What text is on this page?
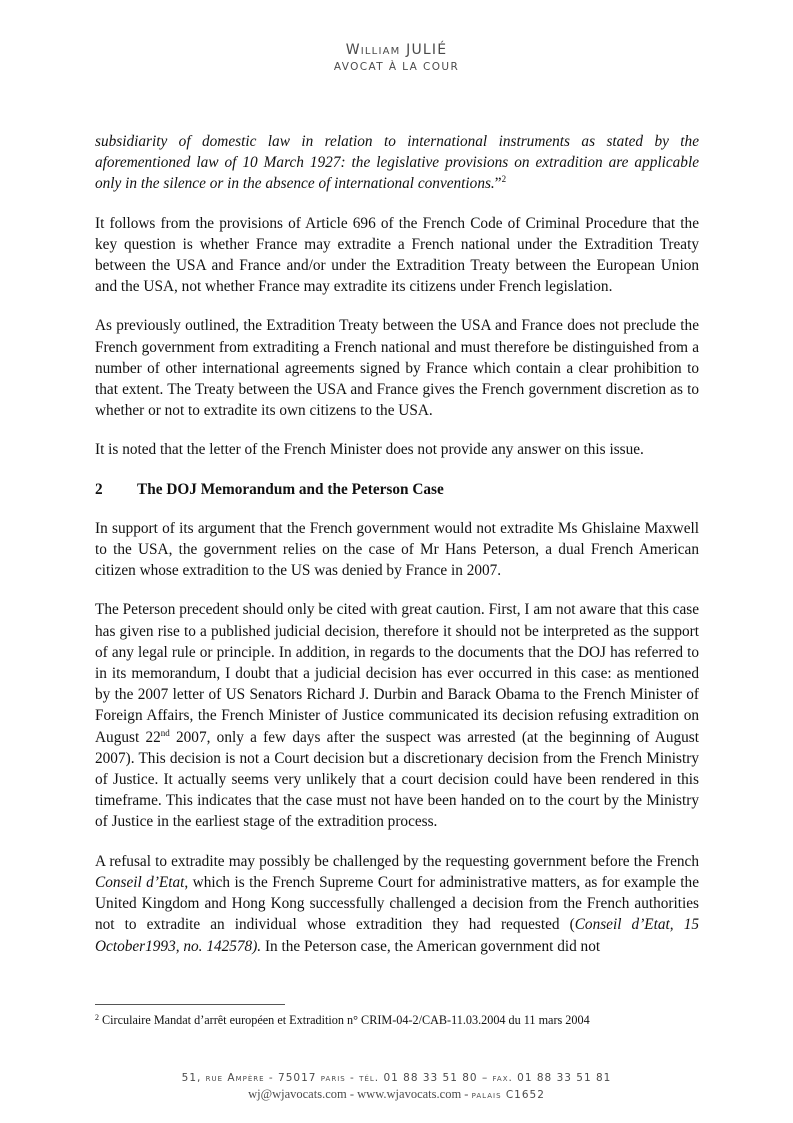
William JULIÉ
AVOCAT À LA COUR

subsidiarity of domestic law in relation to international instruments as stated by the aforementioned law of 10 March 1927: the legislative provisions on extradition are applicable only in the silence or in the absence of international conventions.”$^2$

It follows from the provisions of Article 696 of the French Code of Criminal Procedure that the key question is whether France may extradite a French national under the Extradition Treaty between the USA and France and/or under the Extradition Treaty between the European Union and the USA, not whether France may extradite its citizens under French legislation.

As previously outlined, the Extradition Treaty between the USA and France does not preclude the French government from extraditing a French national and must therefore be distinguished from a number of other international agreements signed by France which contain a clear prohibition to that extent. The Treaty between the USA and France gives the French government discretion as to whether or not to extradite its own citizens to the USA.

It is noted that the letter of the French Minister does not provide any answer on this issue.

2 The DOJ Memorandum and the Peterson Case

In support of its argument that the French government would not extradite Ms Ghislaine Maxwell to the USA, the government relies on the case of Mr Hans Peterson, a dual French American citizen whose extradition to the US was denied by France in 2007.

The Peterson precedent should only be cited with great caution. First, I am not aware that this case has given rise to a published judicial decision, therefore it should not be interpreted as the support of any legal rule or principle. In addition, in regards to the documents that the DOJ has referred to in its memorandum, I doubt that a judicial decision has ever occurred in this case: as mentioned by the 2007 letter of US Senators Richard J. Durbin and Barack Obama to the French Minister of Foreign Affairs, the French Minister of Justice communicated its decision refusing extradition on August 22nd 2007, only a few days after the suspect was arrested (at the beginning of August 2007). This decision is not a Court decision but a discretionary decision from the French Ministry of Justice. It actually seems very unlikely that a court decision could have been rendered in this timeframe. This indicates that the case must not have been handed on to the court by the Ministry of Justice in the earliest stage of the extradition process.

A refusal to extradite may possibly be challenged by the requesting government before the French Conseil d’Etat, which is the French Supreme Court for administrative matters, as for example the United Kingdom and Hong Kong successfully challenged a decision from the French authorities not to extradite an individual whose extradition they had requested (Conseil d’Etat, 15 October1993, no. 142578). In the Peterson case, the American government did not

$^2$ Circulaire Mandat d’arrêt européen et Extradition n° CRIM-04-2/CAB-11.03.2004 du 11 mars 2004
51, rue Ampère - 75017 paris - tél. 01 88 33 51 80 – fax. 01 88 33 51 81
wj@wjavocats.com - www.wjavocats.com - palais C1652
